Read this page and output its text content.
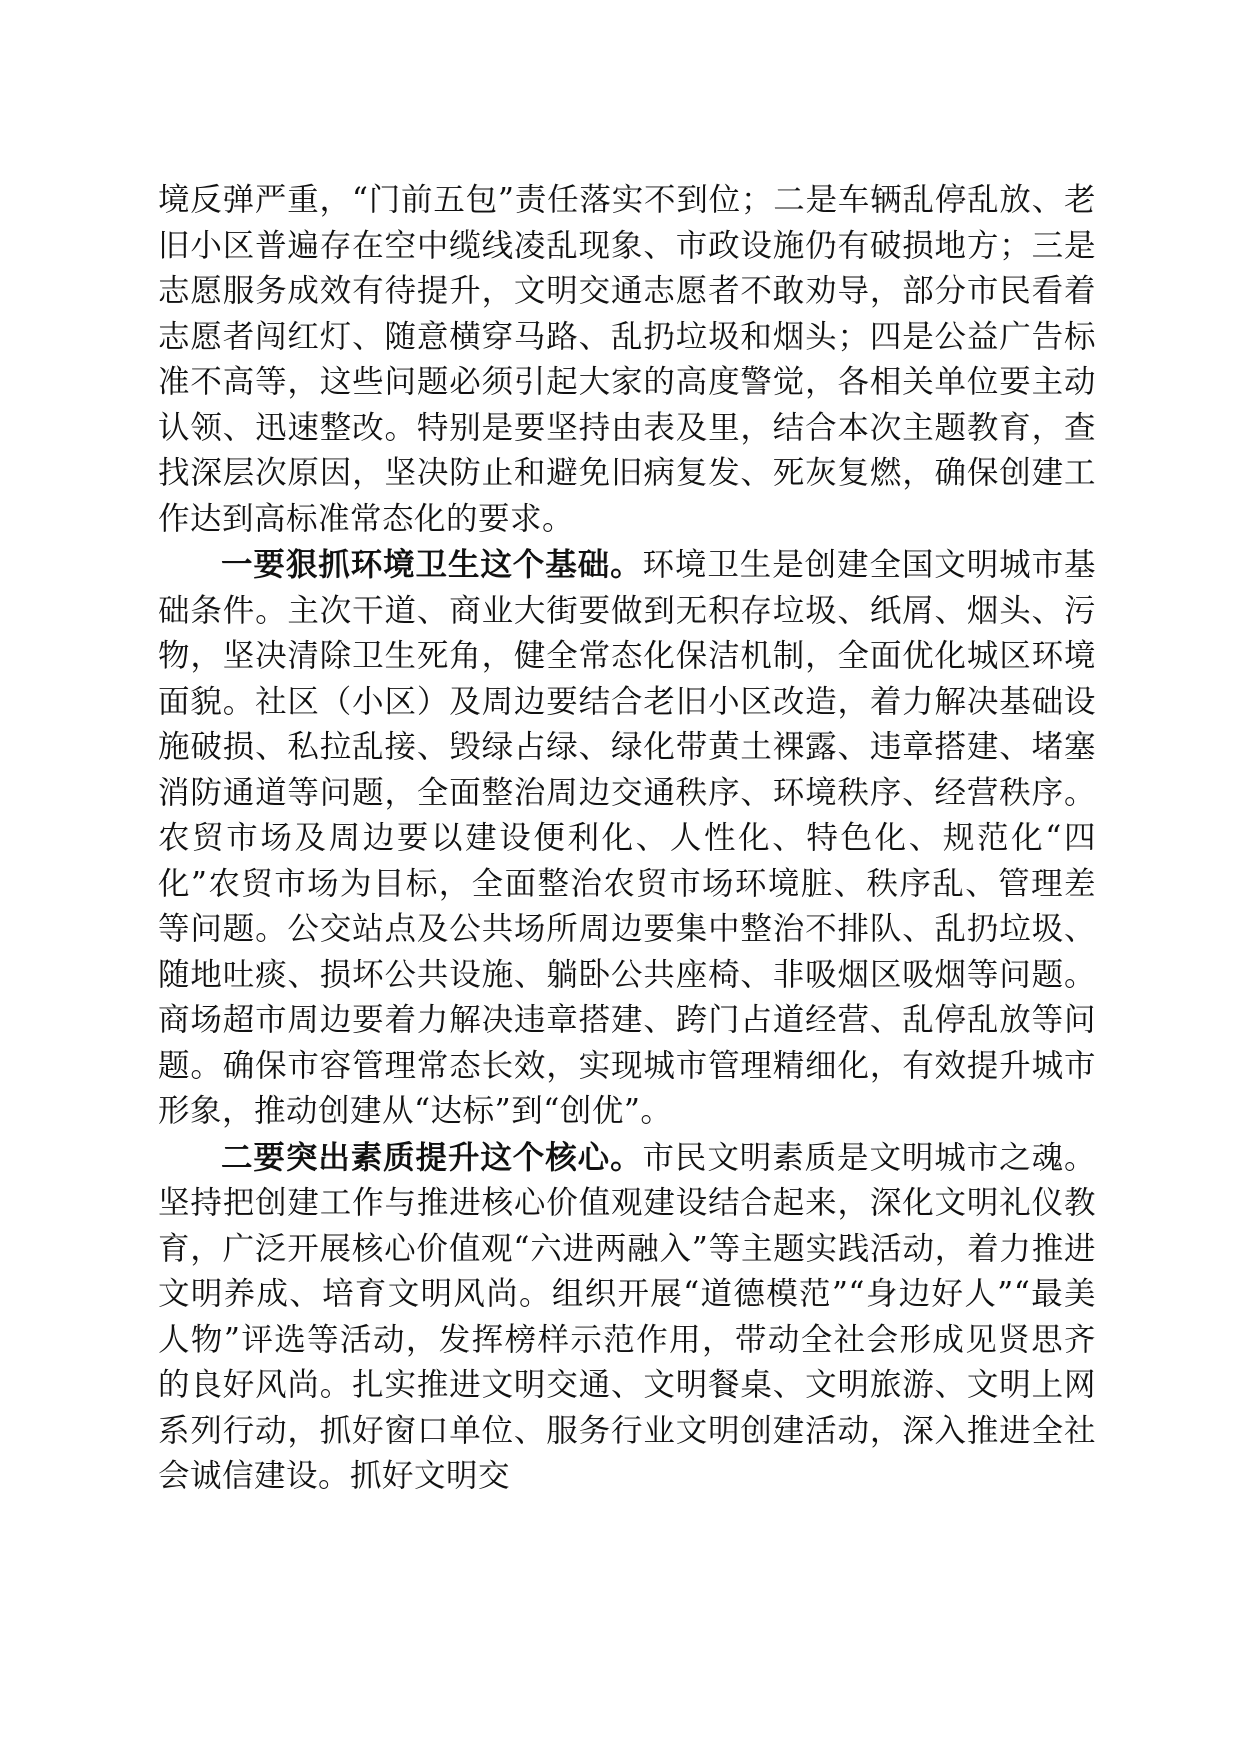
境反弹严重，“门前五包”责任落实不到位；二是车辆乱停乱放、老旧小区普遍存在空中缆线凌乱现象、市政设施仍有破损地方；三是志愿服务成效有待提升，文明交通志愿者不敢劝导，部分市民看着志愿者闯红灯、随意横穿马路、乱扔垃圾和烟头；四是公益广告标准不高等，这些问题必须引起大家的高度警觉，各相关单位要主动认领、迅速整改。特别是要坚持由表及里，结合本次主题教育，查找深层次原因，坚决防止和避免旧病复发、死灰复燃，确保创建工作达到高标准常态化的要求。

一要狠抓环境卫生这个基础。环境卫生是创建全国文明城市基础条件。主次干道、商业大街要做到无积存垃圾、纸屑、烟头、污物，坚决清除卫生死角，健全常态化保洁机制，全面优化城区环境面貌。社区（小区）及周边要结合老旧小区改造，着力解决基础设施破损、私拉乱接、毁绿占绿、绿化带黄土裸露、违章搭建、堵塞消防通道等问题，全面整治周边交通秩序、环境秩序、经营秩序。农贸市场及周边要以建设便利化、人性化、特色化、规范化“四化”农贸市场为目标，全面整治农贸市场环境脏、秩序乱、管理差等问题。公交站点及公共场所周边要集中整治不排队、乱扔垃圾、随地吐痰、损坏公共设施、躺卧公共座椅、非吸烟区吸烟等问题。商场超市周边要着力解决违章搭建、跨门占道经营、乱停乱放等问题。确保市容管理常态长效，实现城市管理精细化，有效提升城市形象，推动创建从“达标”到“创优”。

二要突出素质提升这个核心。市民文明素质是文明城市之魂。坚持把创建工作与推进核心价值观建设结合起来，深化文明礼仪教育，广泛开展核心价值观“六进两融入”等主题实践活动，着力推进文明养成、培育文明风尚。组织开展“道德模范”“身边好人”“最美人物”评选等活动，发挥榜样示范作用，带动全社会形成见贤思齐的良好风尚。扎实推进文明交通、文明餐桌、文明旅游、文明上网系列行动，抓好窗口单位、服务行业文明创建活动，深入推进全社会诚信建设。抓好文明交
